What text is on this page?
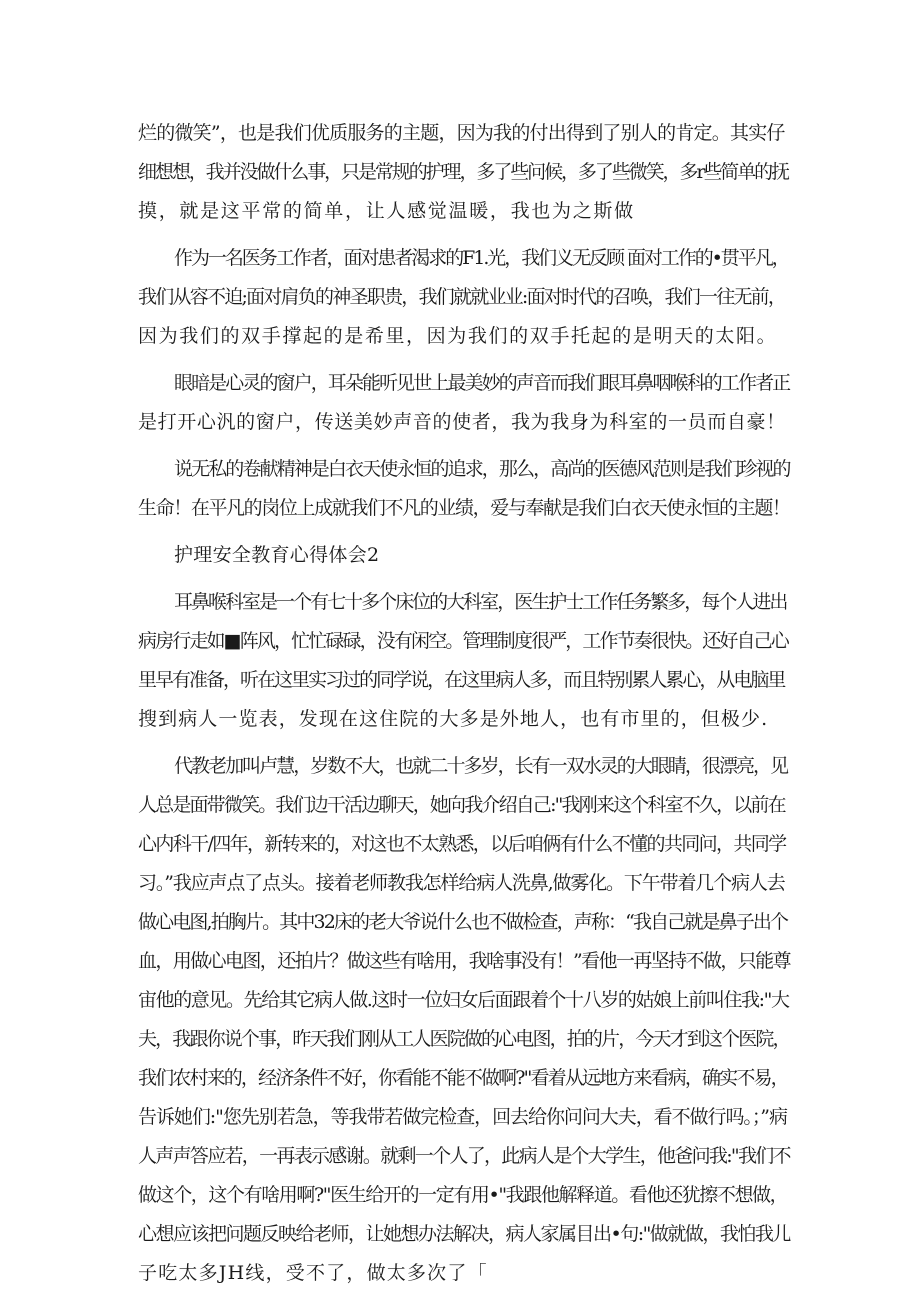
烂的微笑”，也是我们优质服务的主题，因为我的付出得到了别人的肯定。其实仔
细想想，我并没做什么事，只是常规的护理，多了些问候，多了些微笑，多r些简单的抚
摸，就是这平常的简单，让人感觉温暖，我也为之斯做
作为一名医务工作者，面对患者渴求的F1.光，我们义无反顾 面对工作的•贯平凡，
我们从容不迫;面对肩负的神圣职贵，我们就就业业:面对时代的召唤，我们一往无前，
因为我们的双手撑起的是希里，因为我们的双手托起的是明天的太阳。
眼暗是心灵的窗户，耳朵能听见世上最美妙的声音而我们眼耳鼻咽喉科的工作者正
是打开心汎的窗户，传送美妙声音的使者，我为我身为科室的一员而自豪！
说无私的卷献精神是白衣天使永恒的追求，那么，高尚的医德风范则是我们珍视的
生命！在平凡的岗位上成就我们不凡的业绩，爱与奉献是我们白衣天使永恒的主题！
护理安全教育心得体会2
耳鼻喉科室是一个有七十多个床位的大科室，医生护士工作任务繁多，每个人进出
病房行走如■阵风，忙忙碌碌，没有闲空。管理制度很严，工作节奏很快。还好自己心
里早有准备，听在这里实习过的同学说，在这里病人多，而且特别累人累心，从电脑里
搜到病人一览表，发现在这住院的大多是外地人，也有市里的，但极少.
代教老加叫卢慧，岁数不大，也就二十多岁，长有一双水灵的大眼睛，很漂亮，见
人总是面带微笑。我们边干活边聊天，她向我介绍自己:"我刚来这个科室不久，以前在
心内科干/四年，新转来的，对这也不太熟悉，以后咱俩有什么不懂的共同问，共同学
习。”我应声点了点头。接着老师教我怎样给病人洗鼻,做雾化。下午带着几个病人去
做心电图,拍胸片。其中32床的老大爷说什么也不做检查，声称：“我自己就是鼻子出个
血，用做心电图，还拍片？做这些有啥用，我啥事没有！”看他一再坚持不做，只能尊
宙他的意见。先给其它病人做.这时一位妇女后面跟着个十八岁的姑娘上前叫住我:"大
夫，我跟你说个事，昨天我们刚从工人医院做的心电图，拍的片，今天才到这个医院，
我们农村来的，经济条件不好，你看能不能不做啊?"看着从远地方来看病，确实不易，
告诉她们:"您先别若急，等我带若做完检查，回去给你问问大夫，看不做行吗。；”病
人声声答应若，一再表示感谢。就剩一个人了，此病人是个大学生，他爸问我:"我们不
做这个，这个有啥用啊?"医生给开的一定有用•"我跟他解释道。看他还犹擦不想做，
心想应该把问题反映给老师，让她想办法解决，病人家属目出•句:"做就做，我怕我儿
子吃太多JH线，受不了，做太多次了「
